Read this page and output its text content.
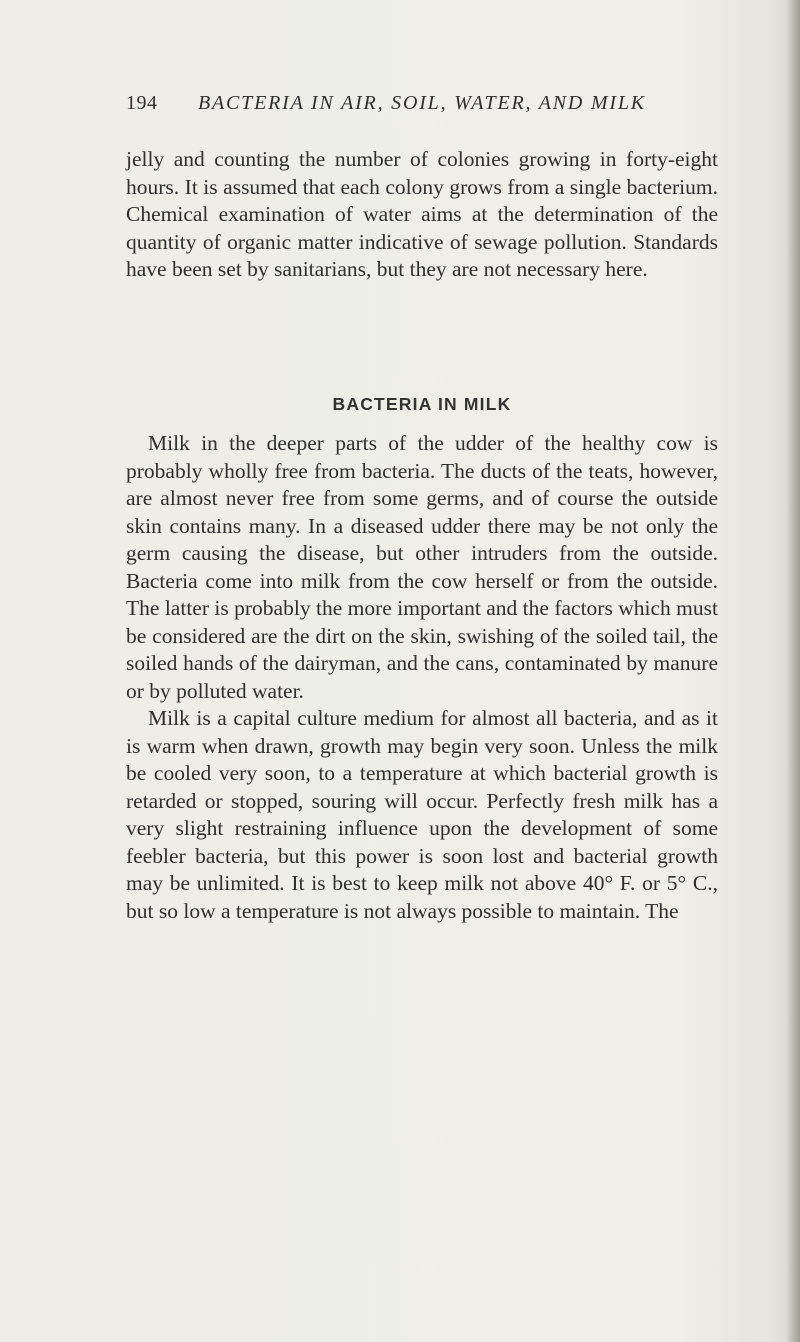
194 BACTERIA IN AIR, SOIL, WATER, AND MILK

jelly and counting the number of colonies growing in forty-eight hours. It is assumed that each colony grows from a single bacterium. Chemical examination of water aims at the determination of the quantity of organic matter indicative of sewage pollution. Standards have been set by sanitarians, but they are not necessary here.

BACTERIA IN MILK

Milk in the deeper parts of the udder of the healthy cow is probably wholly free from bacteria. The ducts of the teats, however, are almost never free from some germs, and of course the outside skin contains many. In a diseased udder there may be not only the germ causing the disease, but other intruders from the outside. Bacteria come into milk from the cow herself or from the outside. The latter is probably the more important and the factors which must be considered are the dirt on the skin, swishing of the soiled tail, the soiled hands of the dairyman, and the cans, contaminated by manure or by polluted water.

Milk is a capital culture medium for almost all bacteria, and as it is warm when drawn, growth may begin very soon. Unless the milk be cooled very soon, to a temperature at which bacterial growth is retarded or stopped, souring will occur. Perfectly fresh milk has a very slight restraining influence upon the development of some feebler bacteria, but this power is soon lost and bacterial growth may be unlimited. It is best to keep milk not above 40° F. or 5° C., but so low a temperature is not always possible to maintain. The
